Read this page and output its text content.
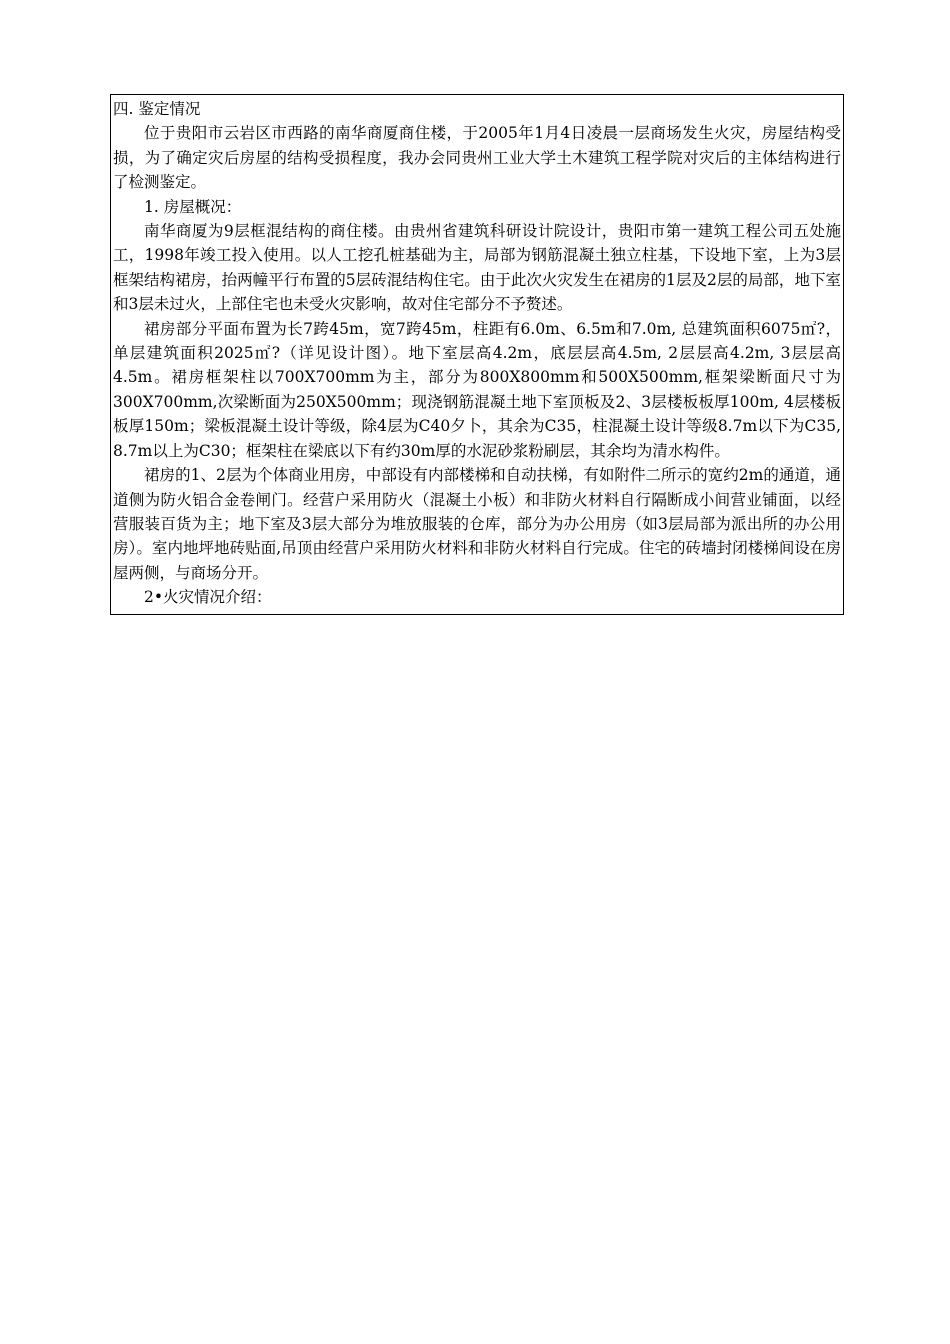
四. 鉴定情况

位于贵阳市云岩区市西路的南华商厦商住楼，于2005年1月4日凌晨一层商场发生火灾，房屋结构受损，为了确定灾后房屋的结构受损程度，我办会同贵州工业大学土木建筑工程学院对灾后的主体结构进行了检测鉴定。

1. 房屋概况：

南华商厦为9层框混结构的商住楼。由贵州省建筑科研设计院设计，贵阳市第一建筑工程公司五处施工，1998年竣工投入使用。以人工挖孔桩基础为主，局部为钢筋混凝土独立柱基，下设地下室，上为3层框架结构裙房，抬两幢平行布置的5层砖混结构住宅。由于此次火灾发生在裙房的1层及2层的局部，地下室和3层未过火，上部住宅也未受火灾影响，故对住宅部分不予赘述。

裙房部分平面布置为长7跨45m，宽7跨45m，柱距有6.0m、6.5m和7.0m, 总建筑面积6075㎡?，单层建筑面积2025㎡?（详见设计图）。地下室层高4.2m，底层层高4.5m, 2层层高4.2m, 3层层高4.5m。裙房框架柱以700X700mm为主，部分为800X800mm和500X500mm,框架梁断面尺寸为300X700mm,次梁断面为250X500mm；现浇钢筋混凝土地下室顶板及2、3层楼板板厚100m, 4层楼板板厚150m；梁板混凝土设计等级，除4层为C40夕卜，其余为C35，柱混凝土设计等级8.7m以下为C35, 8.7m以上为C30；框架柱在梁底以下有约30m厚的水泥砂浆粉刷层，其余均为清水构件。

裙房的1、2层为个体商业用房，中部设有内部楼梯和自动扶梯，有如附件二所示的宽约2m的通道，通道侧为防火铝合金卷闸门。经营户采用防火（混凝土小板）和非防火材料自行隔断成小间营业铺面，以经营服装百货为主；地下室及3层大部分为堆放服装的仓库，部分为办公用房（如3层局部为派出所的办公用房）。室内地坪地砖贴面,吊顶由经营户采用防火材料和非防火材料自行完成。住宅的砖墙封闭楼梯间设在房屋两侧，与商场分开。

2•火灾情况介绍：
